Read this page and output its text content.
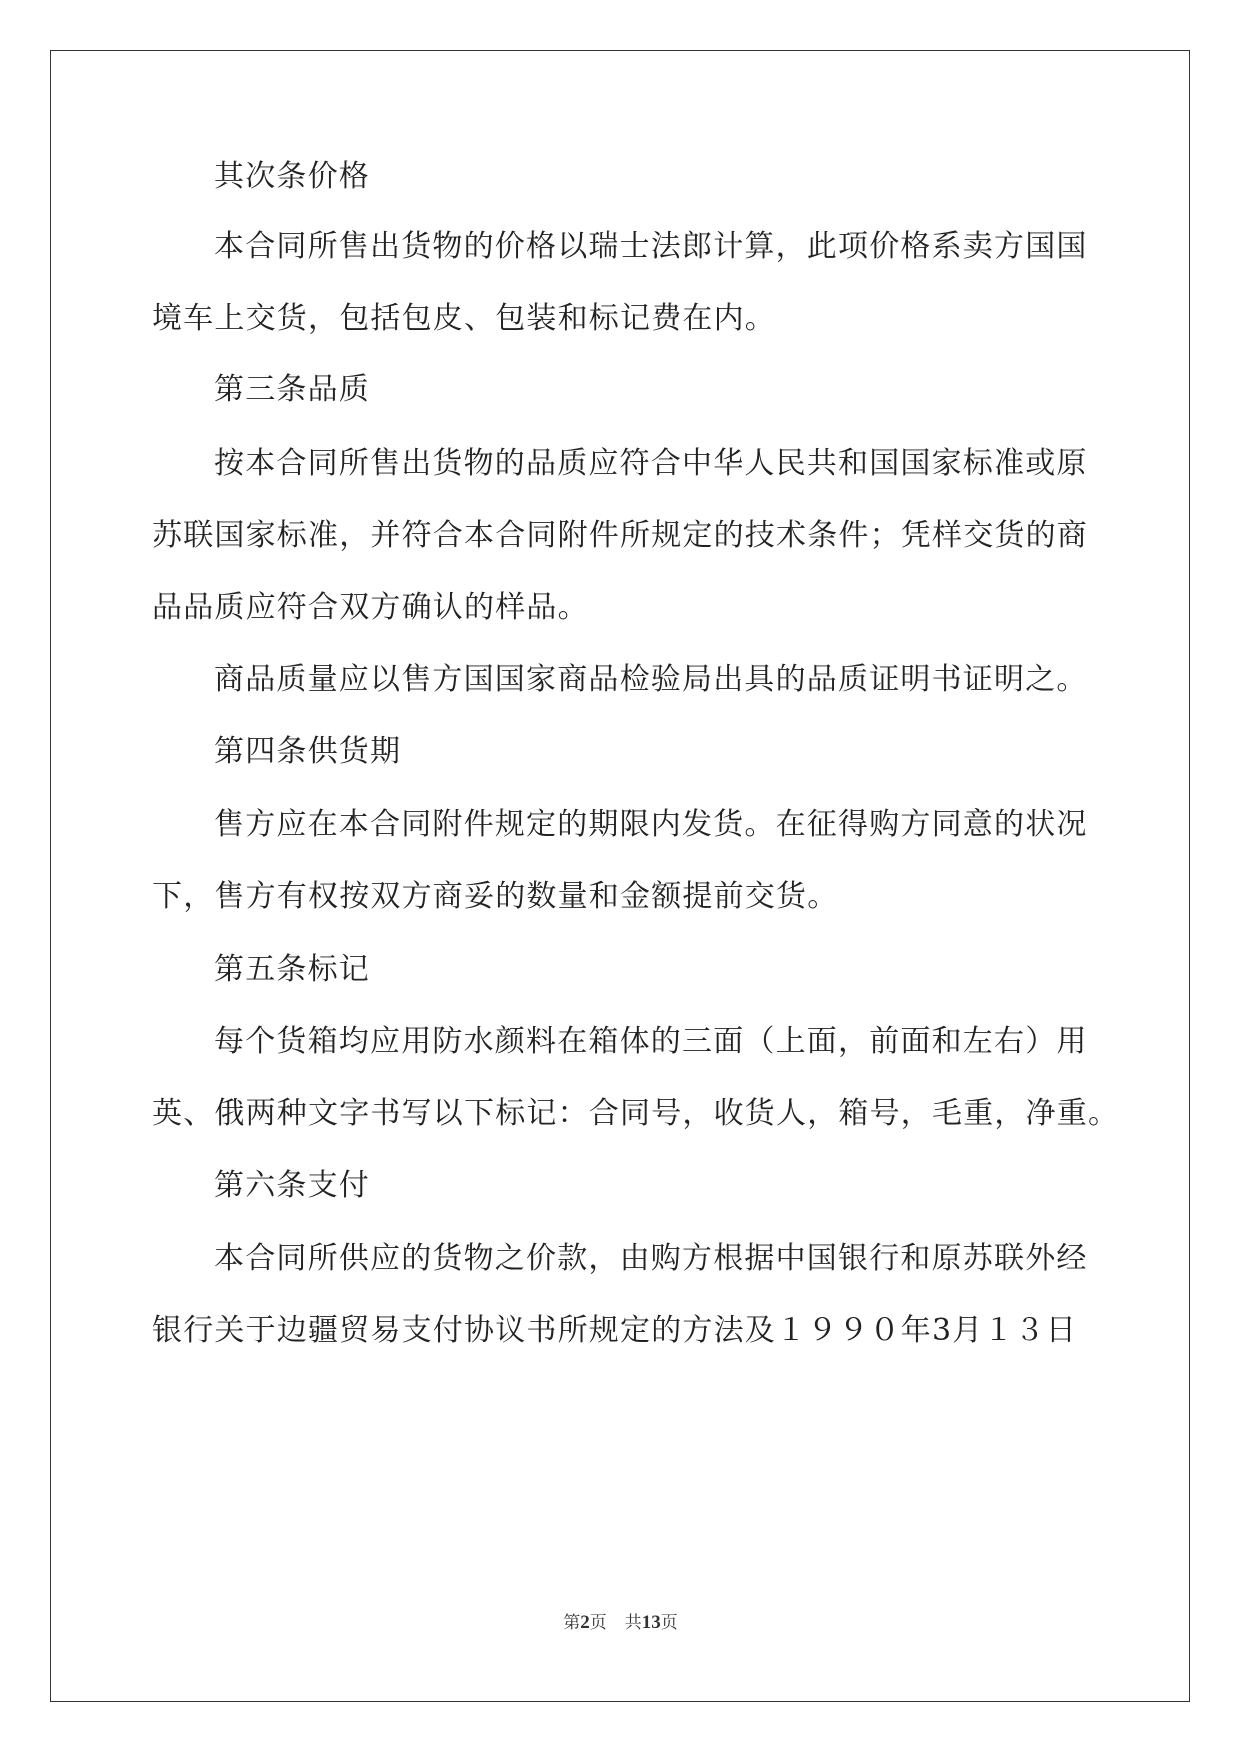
其次条价格
本合同所售出货物的价格以瑞士法郎计算，此项价格系卖方国国
境车上交货，包括包皮、包装和标记费在内。
第三条品质
按本合同所售出货物的品质应符合中华人民共和国国家标准或原
苏联国家标准，并符合本合同附件所规定的技术条件；凭样交货的商
品品质应符合双方确认的样品。
商品质量应以售方国国家商品检验局出具的品质证明书证明之。
第四条供货期
售方应在本合同附件规定的期限内发货。在征得购方同意的状况
下，售方有权按双方商妥的数量和金额提前交货。
第五条标记
每个货箱均应用防水颜料在箱体的三面（上面，前面和左右）用
英、俄两种文字书写以下标记：合同号，收货人，箱号，毛重，净重。
第六条支付
本合同所供应的货物之价款，由购方根据中国银行和原苏联外经
银行关于边疆贸易支付协议书所规定的方法及１９９０年3月１３日
第2页 共13页
